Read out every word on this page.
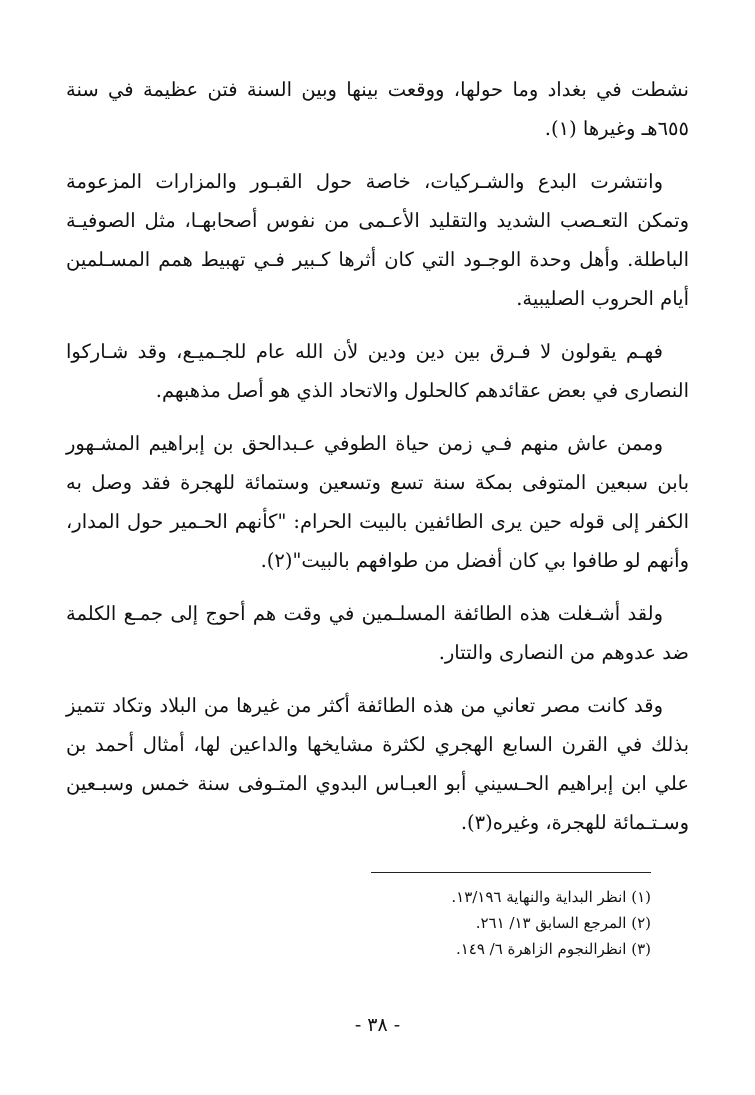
نشطت في بغداد وما حولها، ووقعت بينها وبين السنة فتن عظيمة في سنة ٦٥٥هـ وغيرها (١).

وانتشرت البدع والشـركيات، خاصة حول القبـور والمزارات المزعومة وتمكن التعـصب الشديد والتقليد الأعـمى من نفوس أصحابهـا، مثل الصوفيـة الباطلة. وأهل وحدة الوجـود التي كان أثرها كـبير فـي تهبيط همم المسـلمين أيام الحروب الصليبية.

فهـم يقولون لا فـرق بين دين ودين لأن الله عام للجـميـع، وقد شـاركوا النصارى في بعض عقائدهم كالحلول والاتحاد الذي هو أصل مذهبهم.

وممن عاش منهم فـي زمن حياة الطوفي عـبدالحق بن إبراهيم المشـهور بابن سبعين المتوفى بمكة سنة تسع وتسعين وستمائة للهجرة فقد وصل به الكفر إلى قوله حين يرى الطائفين بالبيت الحرام: "كأنهم الحـمير حول المدار، وأنهم لو طافوا بي كان أفضل من طوافهم بالبيت"(٢).

ولقد أشـغلت هذه الطائفة المسلـمين في وقت هم أحوج إلى جمـع الكلمة ضد عدوهم من النصارى والتتار.

وقد كانت مصر تعاني من هذه الطائفة أكثر من غيرها من البلاد وتكاد تتميز بذلك في القرن السابع الهجري لكثرة مشايخها والداعين لها، أمثال أحمد بن علي ابن إبراهيم الحـسيني أبو العبـاس البدوي المتـوفى سنة خمس وسبـعين وسـتـمائة للهجرة، وغيره(٣).

(١) انظر البداية والنهاية ١٣/١٩٦.

(٢) المرجع السابق ١٣/ ٢٦١.

(٣) انظرالنجوم الزاهرة ٦/ ١٤٩.

- ٣٨ -
